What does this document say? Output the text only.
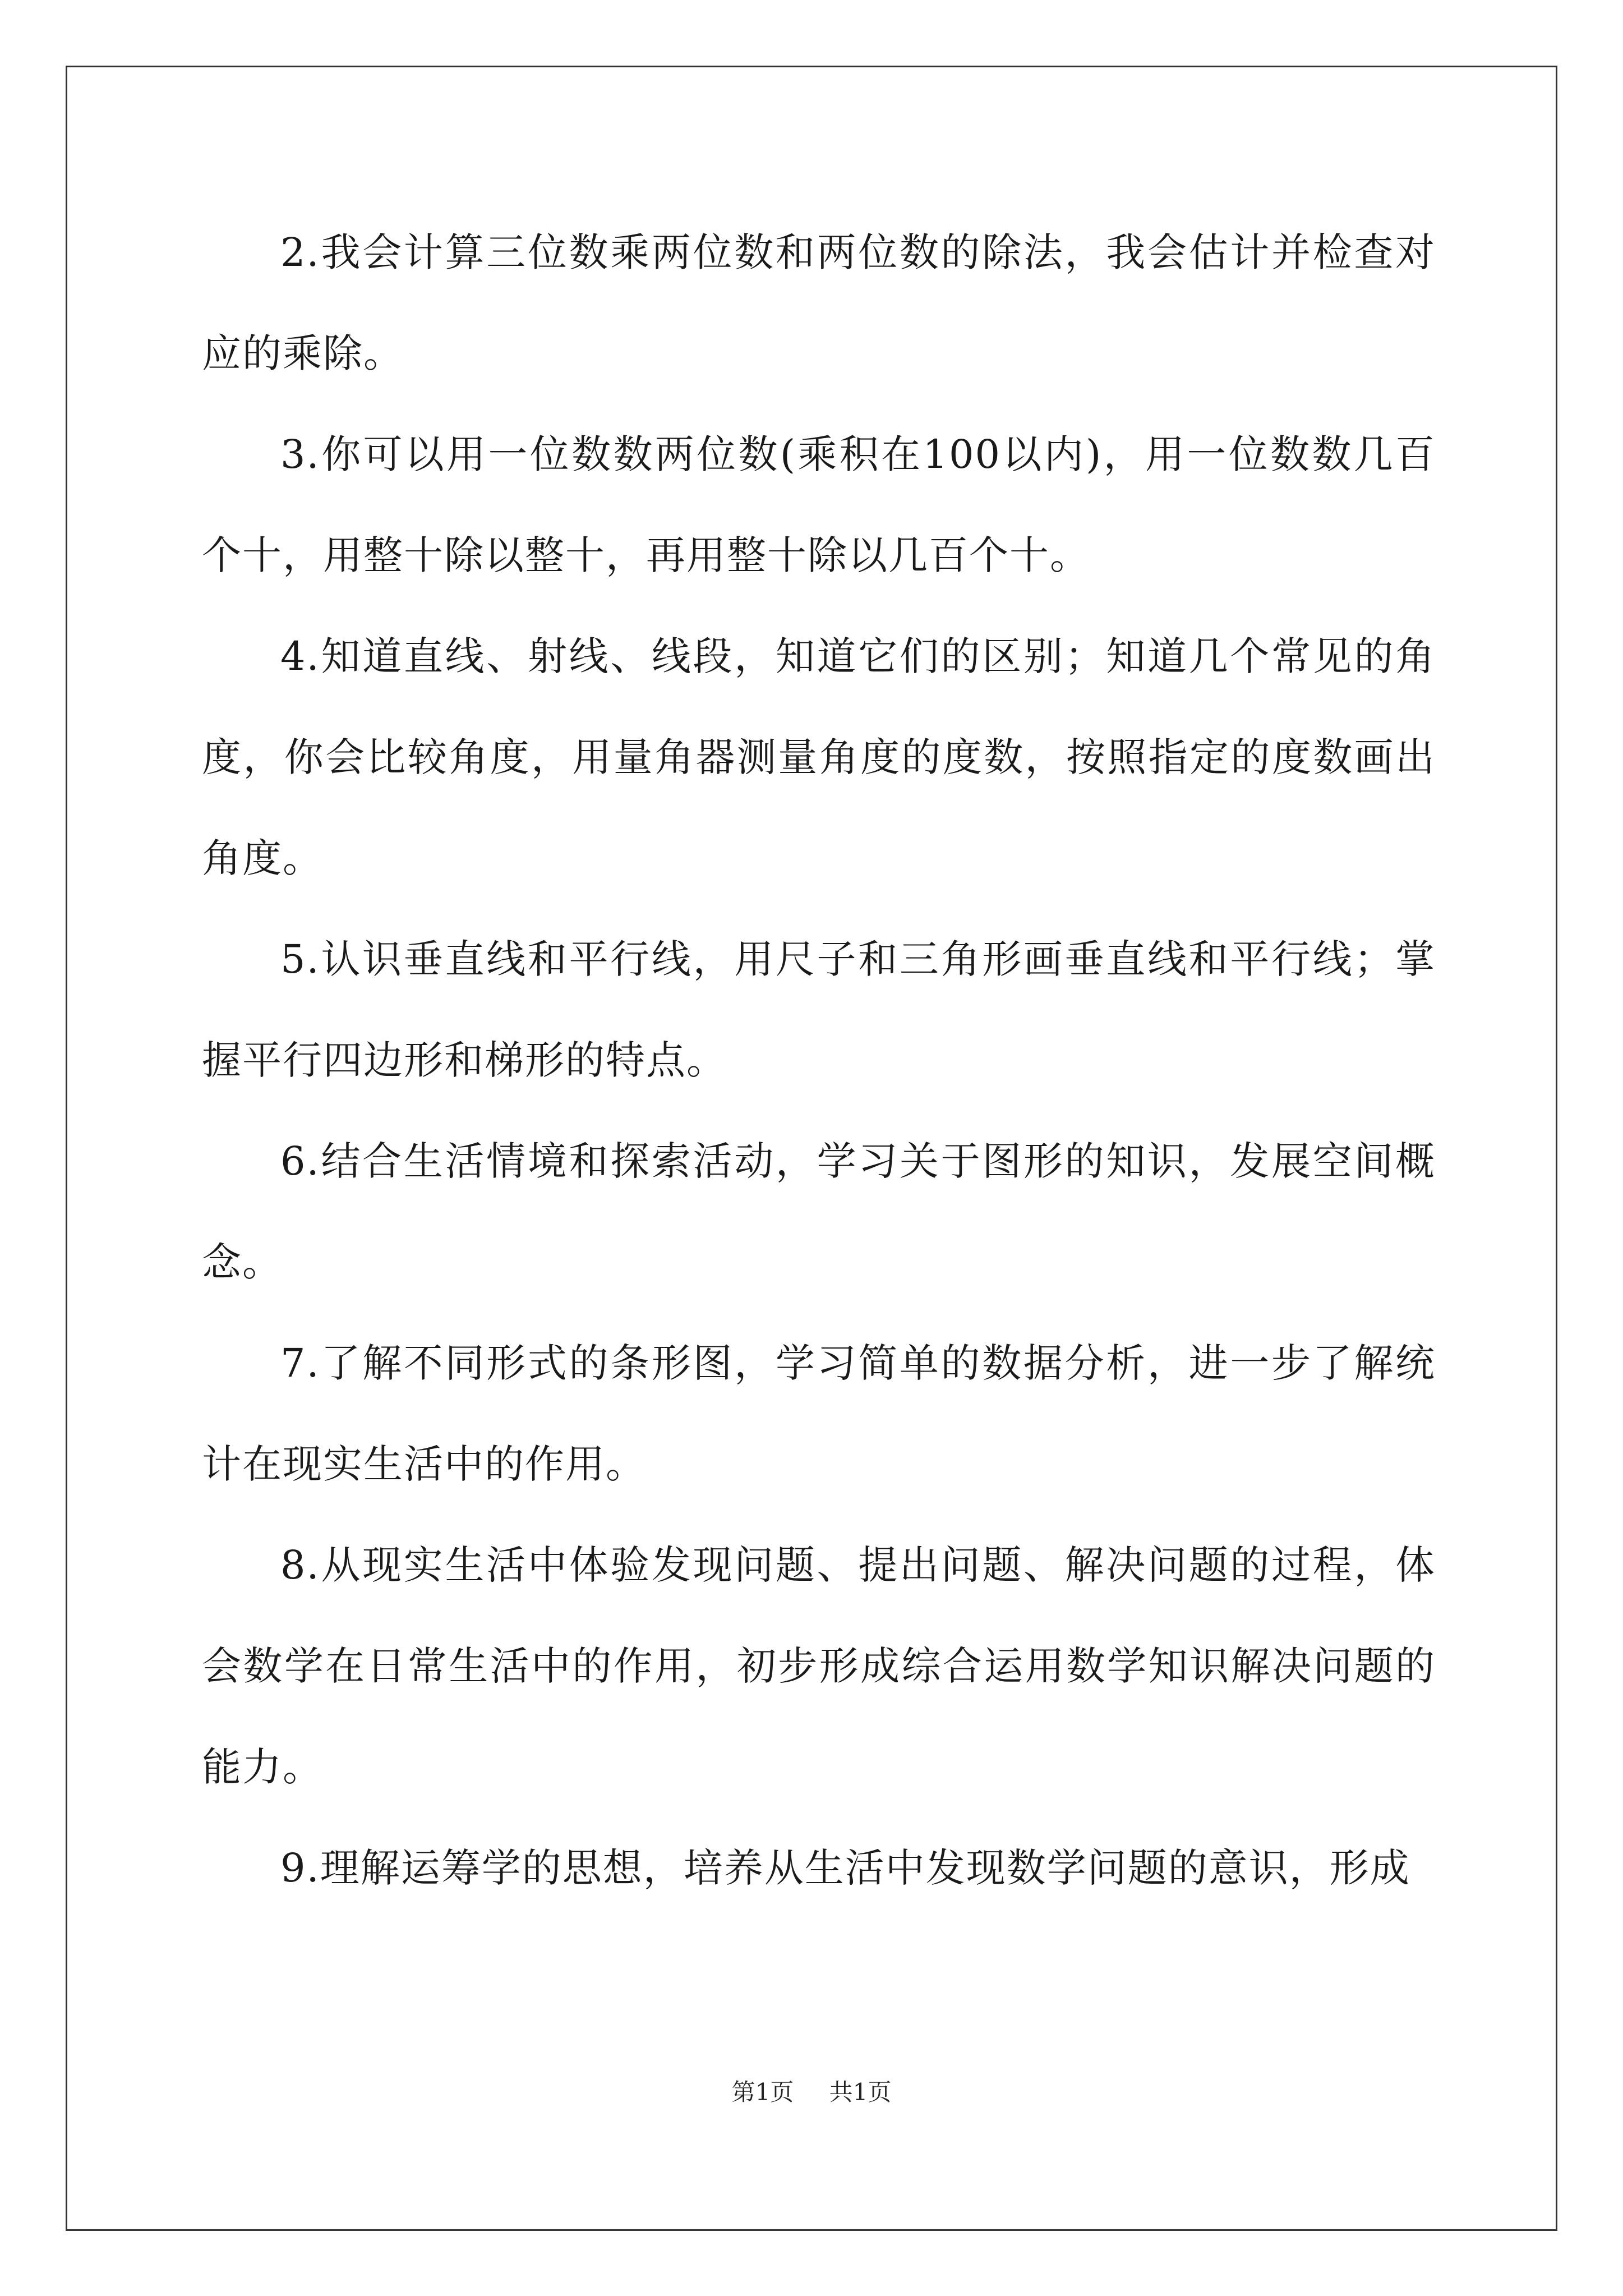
2.我会计算三位数乘两位数和两位数的除法，我会估计并检查对应的乘除。

3.你可以用一位数数两位数(乘积在100以内)，用一位数数几百个十，用整十除以整十，再用整十除以几百个十。

4.知道直线、射线、线段，知道它们的区别；知道几个常见的角度，你会比较角度，用量角器测量角度的度数，按照指定的度数画出角度。

5.认识垂直线和平行线，用尺子和三角形画垂直线和平行线；掌握平行四边形和梯形的特点。

6.结合生活情境和探索活动，学习关于图形的知识，发展空间概念。

7.了解不同形式的条形图，学习简单的数据分析，进一步了解统计在现实生活中的作用。

8.从现实生活中体验发现问题、提出问题、解决问题的过程，体会数学在日常生活中的作用，初步形成综合运用数学知识解决问题的能力。

9.理解运筹学的思想，培养从生活中发现数学问题的意识，形成

第1页 共1页
